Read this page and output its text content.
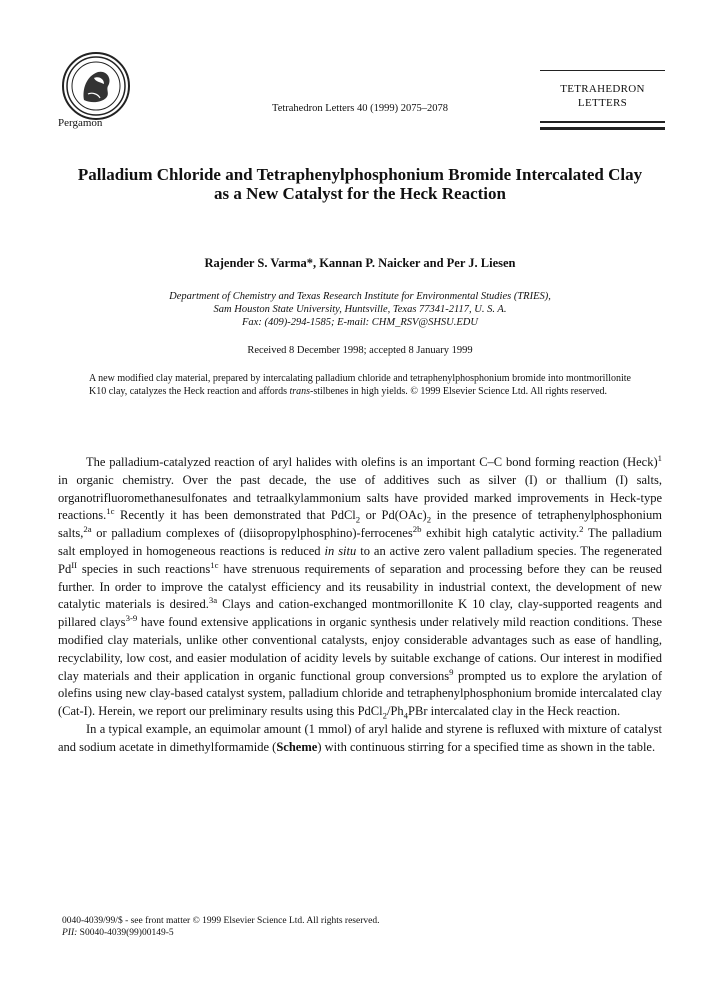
Pergamon
Tetrahedron Letters 40 (1999) 2075–2078
TETRAHEDRON
LETTERS
Palladium Chloride and Tetraphenylphosphonium Bromide Intercalated Clay
as a New Catalyst for the Heck Reaction
Rajender S. Varma*, Kannan P. Naicker and Per J. Liesen
Department of Chemistry and Texas Research Institute for Environmental Studies (TRIES),
Sam Houston State University, Huntsville, Texas 77341-2117, U. S. A.
Fax: (409)-294-1585; E-mail: CHM_RSV@SHSU.EDU
Received 8 December 1998; accepted 8 January 1999
A new modified clay material, prepared by intercalating palladium chloride and tetraphenylphosphonium bromide into montmorillonite K10 clay, catalyzes the Heck reaction and affords trans-stilbenes in high yields. © 1999 Elsevier Science Ltd. All rights reserved.

The palladium-catalyzed reaction of aryl halides with olefins is an important C–C bond forming reaction (Heck)$^1$ in organic chemistry. Over the past decade, the use of additives such as silver (I) or thallium (I) salts, organotrifluoromethanesulfonates and tetraalkylammonium salts have provided marked improvements in Heck-type reactions.$^{1c}$ Recently it has been demonstrated that PdCl$_2$ or $Pd(OAc)_2$ in the presence of tetraphenylphosphonium salts,$^{2a}$ or palladium complexes of (diisopropylphosphino)-ferrocenes$^{2b}$ exhibit high catalytic activity.$^2$ The palladium salt employed in homogeneous reactions is reduced in situ to an active zero valent palladium species. The regenerated $Pd^{II}$ species in such reactions$^{1c}$ have strenuous requirements of separation and processing before they can be reused further. In order to improve the catalyst efficiency and its reusability in industrial context, the development of new catalytic materials is desired.$^{3a}$ Clays and cation-exchanged montmorillonite K 10 clay, clay-supported reagents and pillared clays$^{3-9}$ have found extensive applications in organic synthesis under relatively mild reaction conditions. These modified clay materials, unlike other conventional catalysts, enjoy considerable advantages such as ease of handling, recyclability, low cost, and easier modulation of acidity levels by suitable exchange of cations. Our interest in modified clay materials and their application in organic functional group conversions$^9$ prompted us to explore the arylation of olefins using new clay-based catalyst system, palladium chloride and tetraphenylphosphonium bromide intercalated clay (Cat-I). Herein, we report our preliminary results using this $PdCl_2/Ph_4PBr$ intercalated clay in the Heck reaction.

In a typical example, an equimolar amount (1 mmol) of aryl halide and styrene is refluxed with mixture of catalyst and sodium acetate in dimethylformamide (Scheme) with continuous stirring for a specified time as shown in the table.

0040-4039/99/$ - see front matter © 1999 Elsevier Science Ltd. All rights reserved.
PII: S0040-4039(99)00149-5
